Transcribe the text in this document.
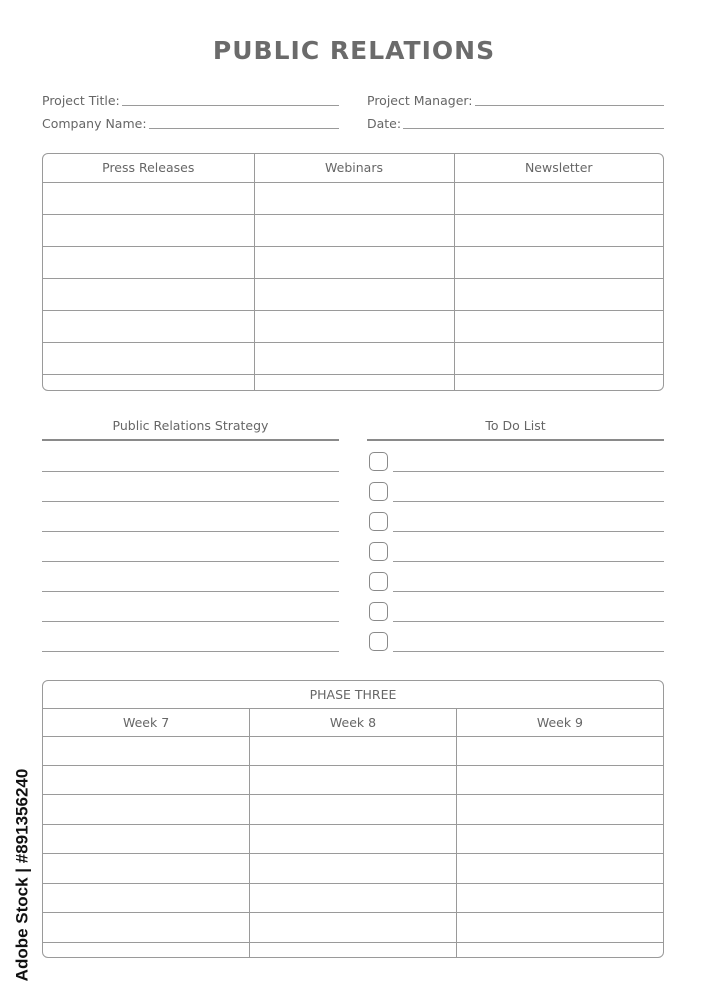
PUBLIC RELATIONS
Project Title:	Project Manager:
Company Name:	Date:
Press Releases	Webinars	Newsletter

Public Relations Strategy	To Do List
PHASE THREE		
Week 7	Week 8	Week 9

Adobe Stock | #891356240
